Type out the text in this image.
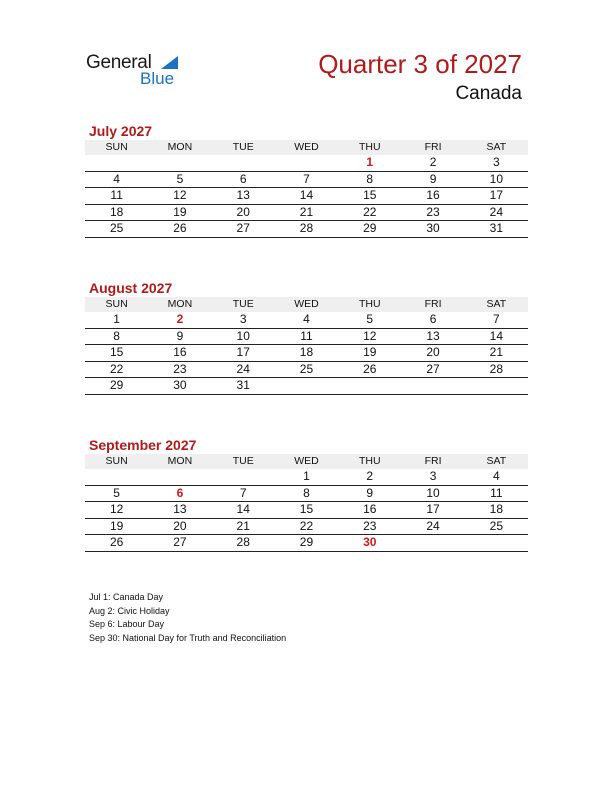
General
Blue	Quarter 3 of 2027
Canada
July 2027
SUN	MON	TUE	WED	THU	FRI	SAT
				1	2	3
4	5	6	7	8	9	10
11	12	13	14	15	16	17
18	19	20	21	22	23	24
25	26	27	28	29	30	31
August 2027
SUN	MON	TUE	WED	THU	FRI	SAT
1	2	3	4	5	6	7
8	9	10	11	12	13	14
15	16	17	18	19	20	21
22	23	24	25	26	27	28
29	30	31				
September 2027
SUN	MON	TUE	WED	THU	FRI	SAT
			1	2	3	4
5	6	7	8	9	10	11
12	13	14	15	16	17	18
19	20	21	22	23	24	25
26	27	28	29	30		
Jul 1: Canada Day
Aug 2: Civic Holiday
Sep 6: Labour Day
Sep 30: National Day for Truth and Reconciliation
